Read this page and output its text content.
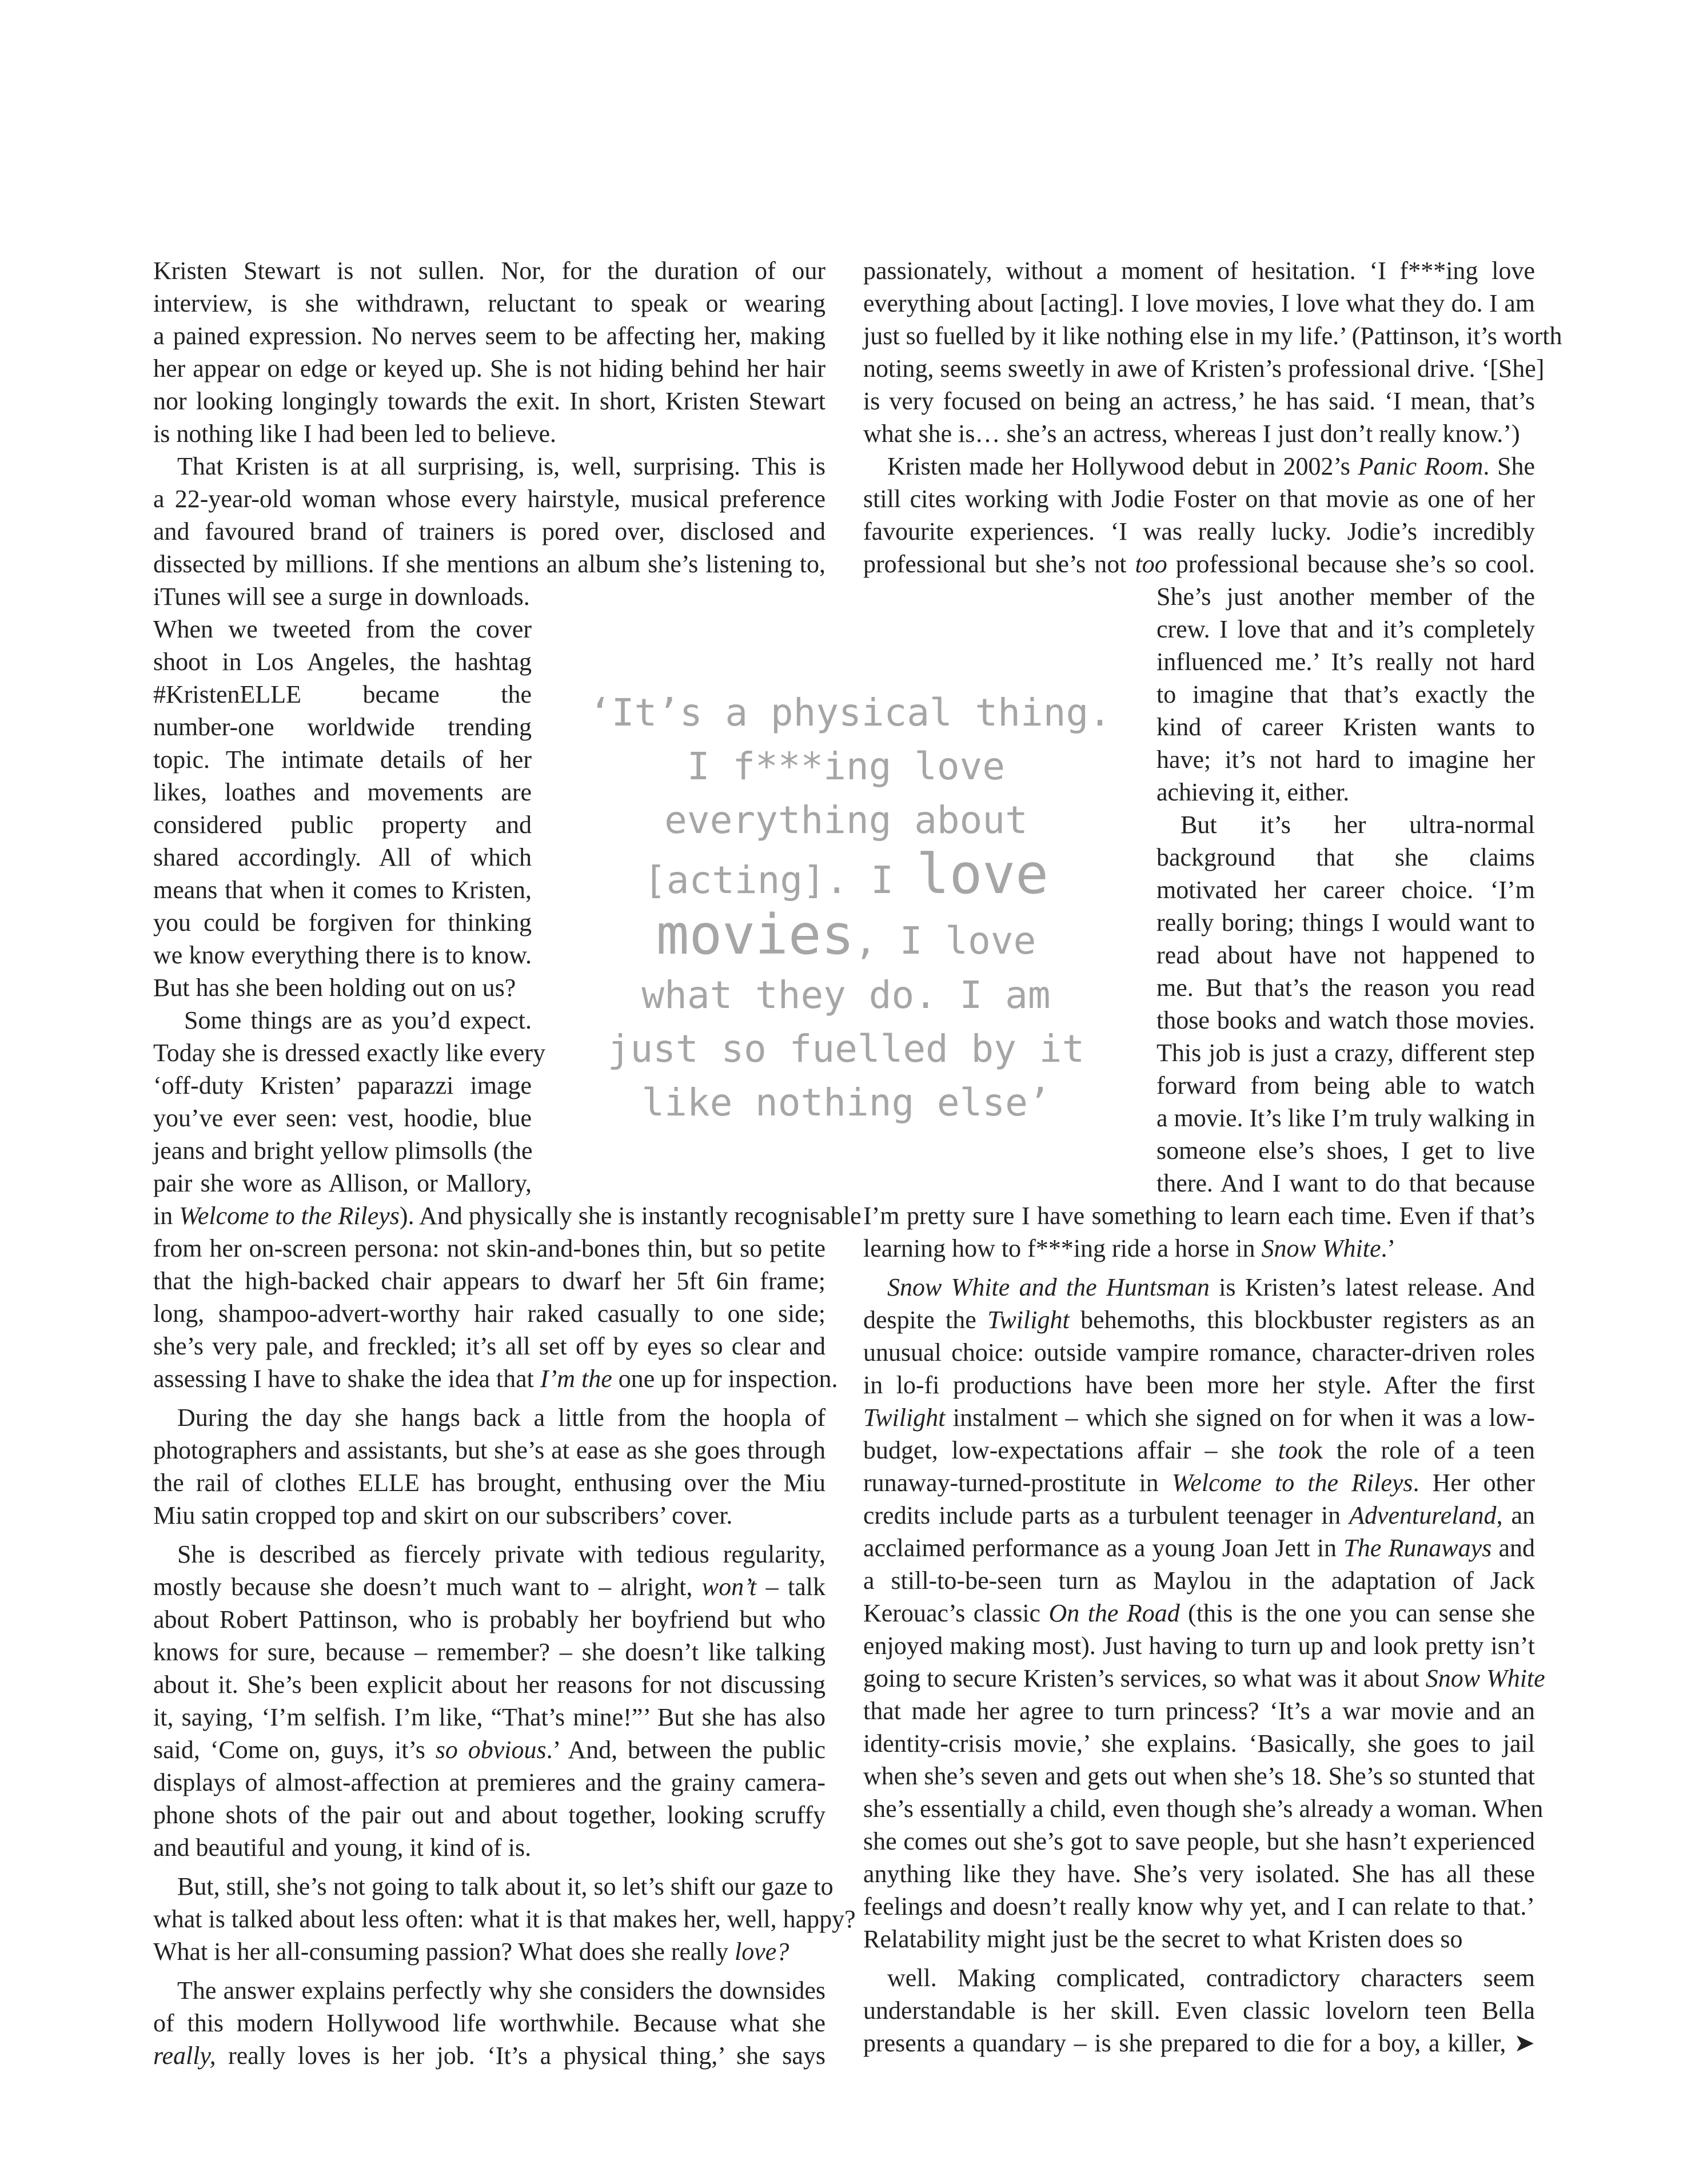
Kristen Stewart is not sullen. Nor, for the duration of our

interview, is she withdrawn, reluctant to speak or wearing

a pained expression. No nerves seem to be affecting her, making

her appear on edge or keyed up. She is not hiding behind her hair

nor looking longingly towards the exit. In short, Kristen Stewart

is nothing like I had been led to believe.

That Kristen is at all surprising, is, well, surprising. This is

a 22-year-old woman whose every hairstyle, musical preference

and favoured brand of trainers is pored over, disclosed and

dissected by millions. If she mentions an album she’s listening to,

iTunes will see a surge in downloads.

When we tweeted from the cover

shoot in Los Angeles, the hashtag

#KristenELLE became the

number-one worldwide trending

topic. The intimate details of her

likes, loathes and movements are

considered public property and

shared accordingly. All of which

means that when it comes to Kristen,

you could be forgiven for thinking

we know everything there is to know.

But has she been holding out on us?

Some things are as you’d expect.

Today she is dressed exactly like every

‘off-duty Kristen’ paparazzi image

you’ve ever seen: vest, hoodie, blue

jeans and bright yellow plimsolls (the

pair she wore as Allison, or Mallory,

in Welcome to the Rileys). And physically she is instantly recognisable

from her on-screen persona: not skin-and-bones thin, but so petite

that the high-backed chair appears to dwarf her 5ft 6in frame;

long, shampoo-advert-worthy hair raked casually to one side;

she’s very pale, and freckled; it’s all set off by eyes so clear and

assessing I have to shake the idea that I’m the one up for inspection.

During the day she hangs back a little from the hoopla of

photographers and assistants, but she’s at ease as she goes through

the rail of clothes ELLE has brought, enthusing over the Miu

Miu satin cropped top and skirt on our subscribers’ cover.

She is described as fiercely private with tedious regularity,

mostly because she doesn’t much want to – alright, won’t – talk

about Robert Pattinson, who is probably her boyfriend but who

knows for sure, because – remember? – she doesn’t like talking

about it. She’s been explicit about her reasons for not discussing

it, saying, ‘I’m selfish. I’m like, “That’s mine!”’ But she has also

said, ‘Come on, guys, it’s so obvious.’ And, between the public

displays of almost-affection at premieres and the grainy camera-

phone shots of the pair out and about together, looking scruffy

and beautiful and young, it kind of is.

But, still, she’s not going to talk about it, so let’s shift our gaze to

what is talked about less often: what it is that makes her, well, happy?

What is her all-consuming passion? What does she really love?

The answer explains perfectly why she considers the downsides

of this modern Hollywood life worthwhile. Because what she

really, really loves is her job. ‘It’s a physical thing,’ she says

‘It’s a physical thing.
I f***ing love
everything about
[acting]. I love
movies, I love
what they do. I am
just so fuelled by it
like nothing else’

passionately, without a moment of hesitation. ‘I f***ing love

everything about [acting]. I love movies, I love what they do. I am

just so fuelled by it like nothing else in my life.’ (Pattinson, it’s worth

noting, seems sweetly in awe of Kristen’s professional drive. ‘[She]

is very focused on being an actress,’ he has said. ‘I mean, that’s

what she is… she’s an actress, whereas I just don’t really know.’)

Kristen made her Hollywood debut in 2002’s Panic Room. She

still cites working with Jodie Foster on that movie as one of her

favourite experiences. ‘I was really lucky. Jodie’s incredibly

professional but she’s not too professional because she’s so cool.

She’s just another member of the

crew. I love that and it’s completely

influenced me.’ It’s really not hard

to imagine that that’s exactly the

kind of career Kristen wants to

have; it’s not hard to imagine her

achieving it, either.

But it’s her ultra-normal

background that she claims

motivated her career choice. ‘I’m

really boring; things I would want to

read about have not happened to

me. But that’s the reason you read

those books and watch those movies.

This job is just a crazy, different step

forward from being able to watch

a movie. It’s like I’m truly walking in

someone else’s shoes, I get to live

there. And I want to do that because

I’m pretty sure I have something to learn each time. Even if that’s

learning how to f***ing ride a horse in Snow White.’

Snow White and the Huntsman is Kristen’s latest release. And

despite the Twilight behemoths, this blockbuster registers as an

unusual choice: outside vampire romance, character-driven roles

in lo-fi productions have been more her style. After the first

Twilight instalment – which she signed on for when it was a low-

budget, low-expectations affair – she took the role of a teen

runaway-turned-prostitute in Welcome to the Rileys. Her other

credits include parts as a turbulent teenager in Adventureland, an

acclaimed performance as a young Joan Jett in The Runaways and

a still-to-be-seen turn as Maylou in the adaptation of Jack

Kerouac’s classic On the Road (this is the one you can sense she

enjoyed making most). Just having to turn up and look pretty isn’t

going to secure Kristen’s services, so what was it about Snow White

that made her agree to turn princess? ‘It’s a war movie and an

identity-crisis movie,’ she explains. ‘Basically, she goes to jail

when she’s seven and gets out when she’s 18. She’s so stunted that

she’s essentially a child, even though she’s already a woman. When

she comes out she’s got to save people, but she hasn’t experienced

anything like they have. She’s very isolated. She has all these

feelings and doesn’t really know why yet, and I can relate to that.’

Relatability might just be the secret to what Kristen does so

well. Making complicated, contradictory characters seem

understandable is her skill. Even classic lovelorn teen Bella

presents a quandary – is she prepared to die for a boy, a killer, ➤
